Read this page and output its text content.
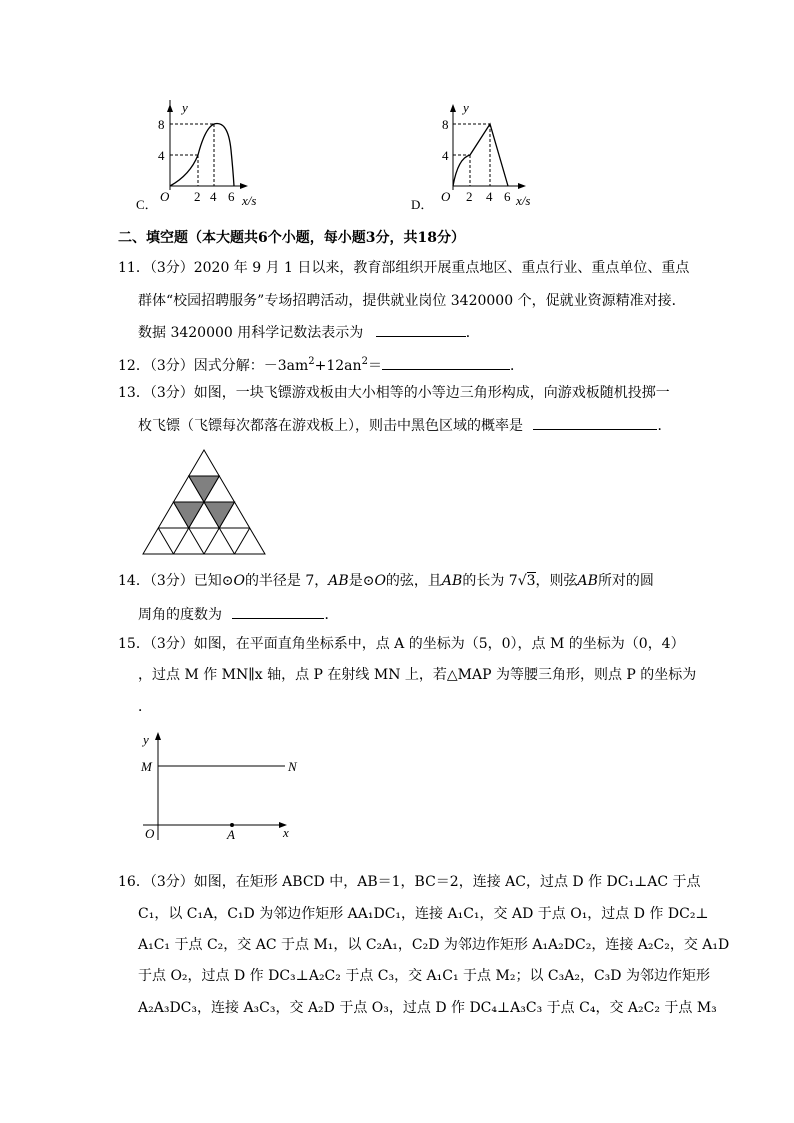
y
8
4
O 2 4 6 x/s
C．
y
8
4
O 2 4 6 x/s
D．
二、填空题（本大题共6个小题，每小题3分，共18分）
11．（3分）2020 年 9 月 1 日以来，教育部组织开展重点地区、重点行业、重点单位、重点
群体“校园招聘服务”专场招聘活动，提供就业岗位 3420000 个，促就业资源精准对接．
数据 3420000 用科学记数法表示为	．
12．（3分）因式分解：$-3am^2+12an^2=$	．
13．（3分）如图，一块飞镖游戏板由大小相等的小等边三角形构成，向游戏板随机投掷一
枚飞镖（飞镖每次都落在游戏板上），则击中黑色区域的概率是	．
14．（3分）已知⊙O的半径是 7，AB是⊙O的弦，且AB的长为 7√3，则弦AB所对的圆
周角的度数为	．
15．（3分）如图，在平面直角坐标系中，点 A 的坐标为（5，0），点 M 的坐标为（0，4）
，过点 M 作 MN∥x 轴，点 P 在射线 MN 上，若△MAP 为等腰三角形，则点 P 的坐标为
．
y
M	N
O	A	x
16．（3分）如图，在矩形 ABCD 中，AB＝1，BC＝2，连接 AC，过点 D 作 DC₁⊥AC 于点
C₁，以 C₁A，C₁D 为邻边作矩形 AA₁DC₁，连接 A₁C₁，交 AD 于点 O₁，过点 D 作 DC₂⊥
A₁C₁ 于点 C₂，交 AC 于点 M₁，以 C₂A₁，C₂D 为邻边作矩形 A₁A₂DC₂，连接 A₂C₂，交 A₁D
于点 O₂，过点 D 作 DC₃⊥A₂C₂ 于点 C₃，交 A₁C₁ 于点 M₂；以 C₃A₂，C₃D 为邻边作矩形
A₂A₃DC₃，连接 A₃C₃，交 A₂D 于点 O₃，过点 D 作 DC₄⊥A₃C₃ 于点 C₄，交 A₂C₂ 于点 M₃
